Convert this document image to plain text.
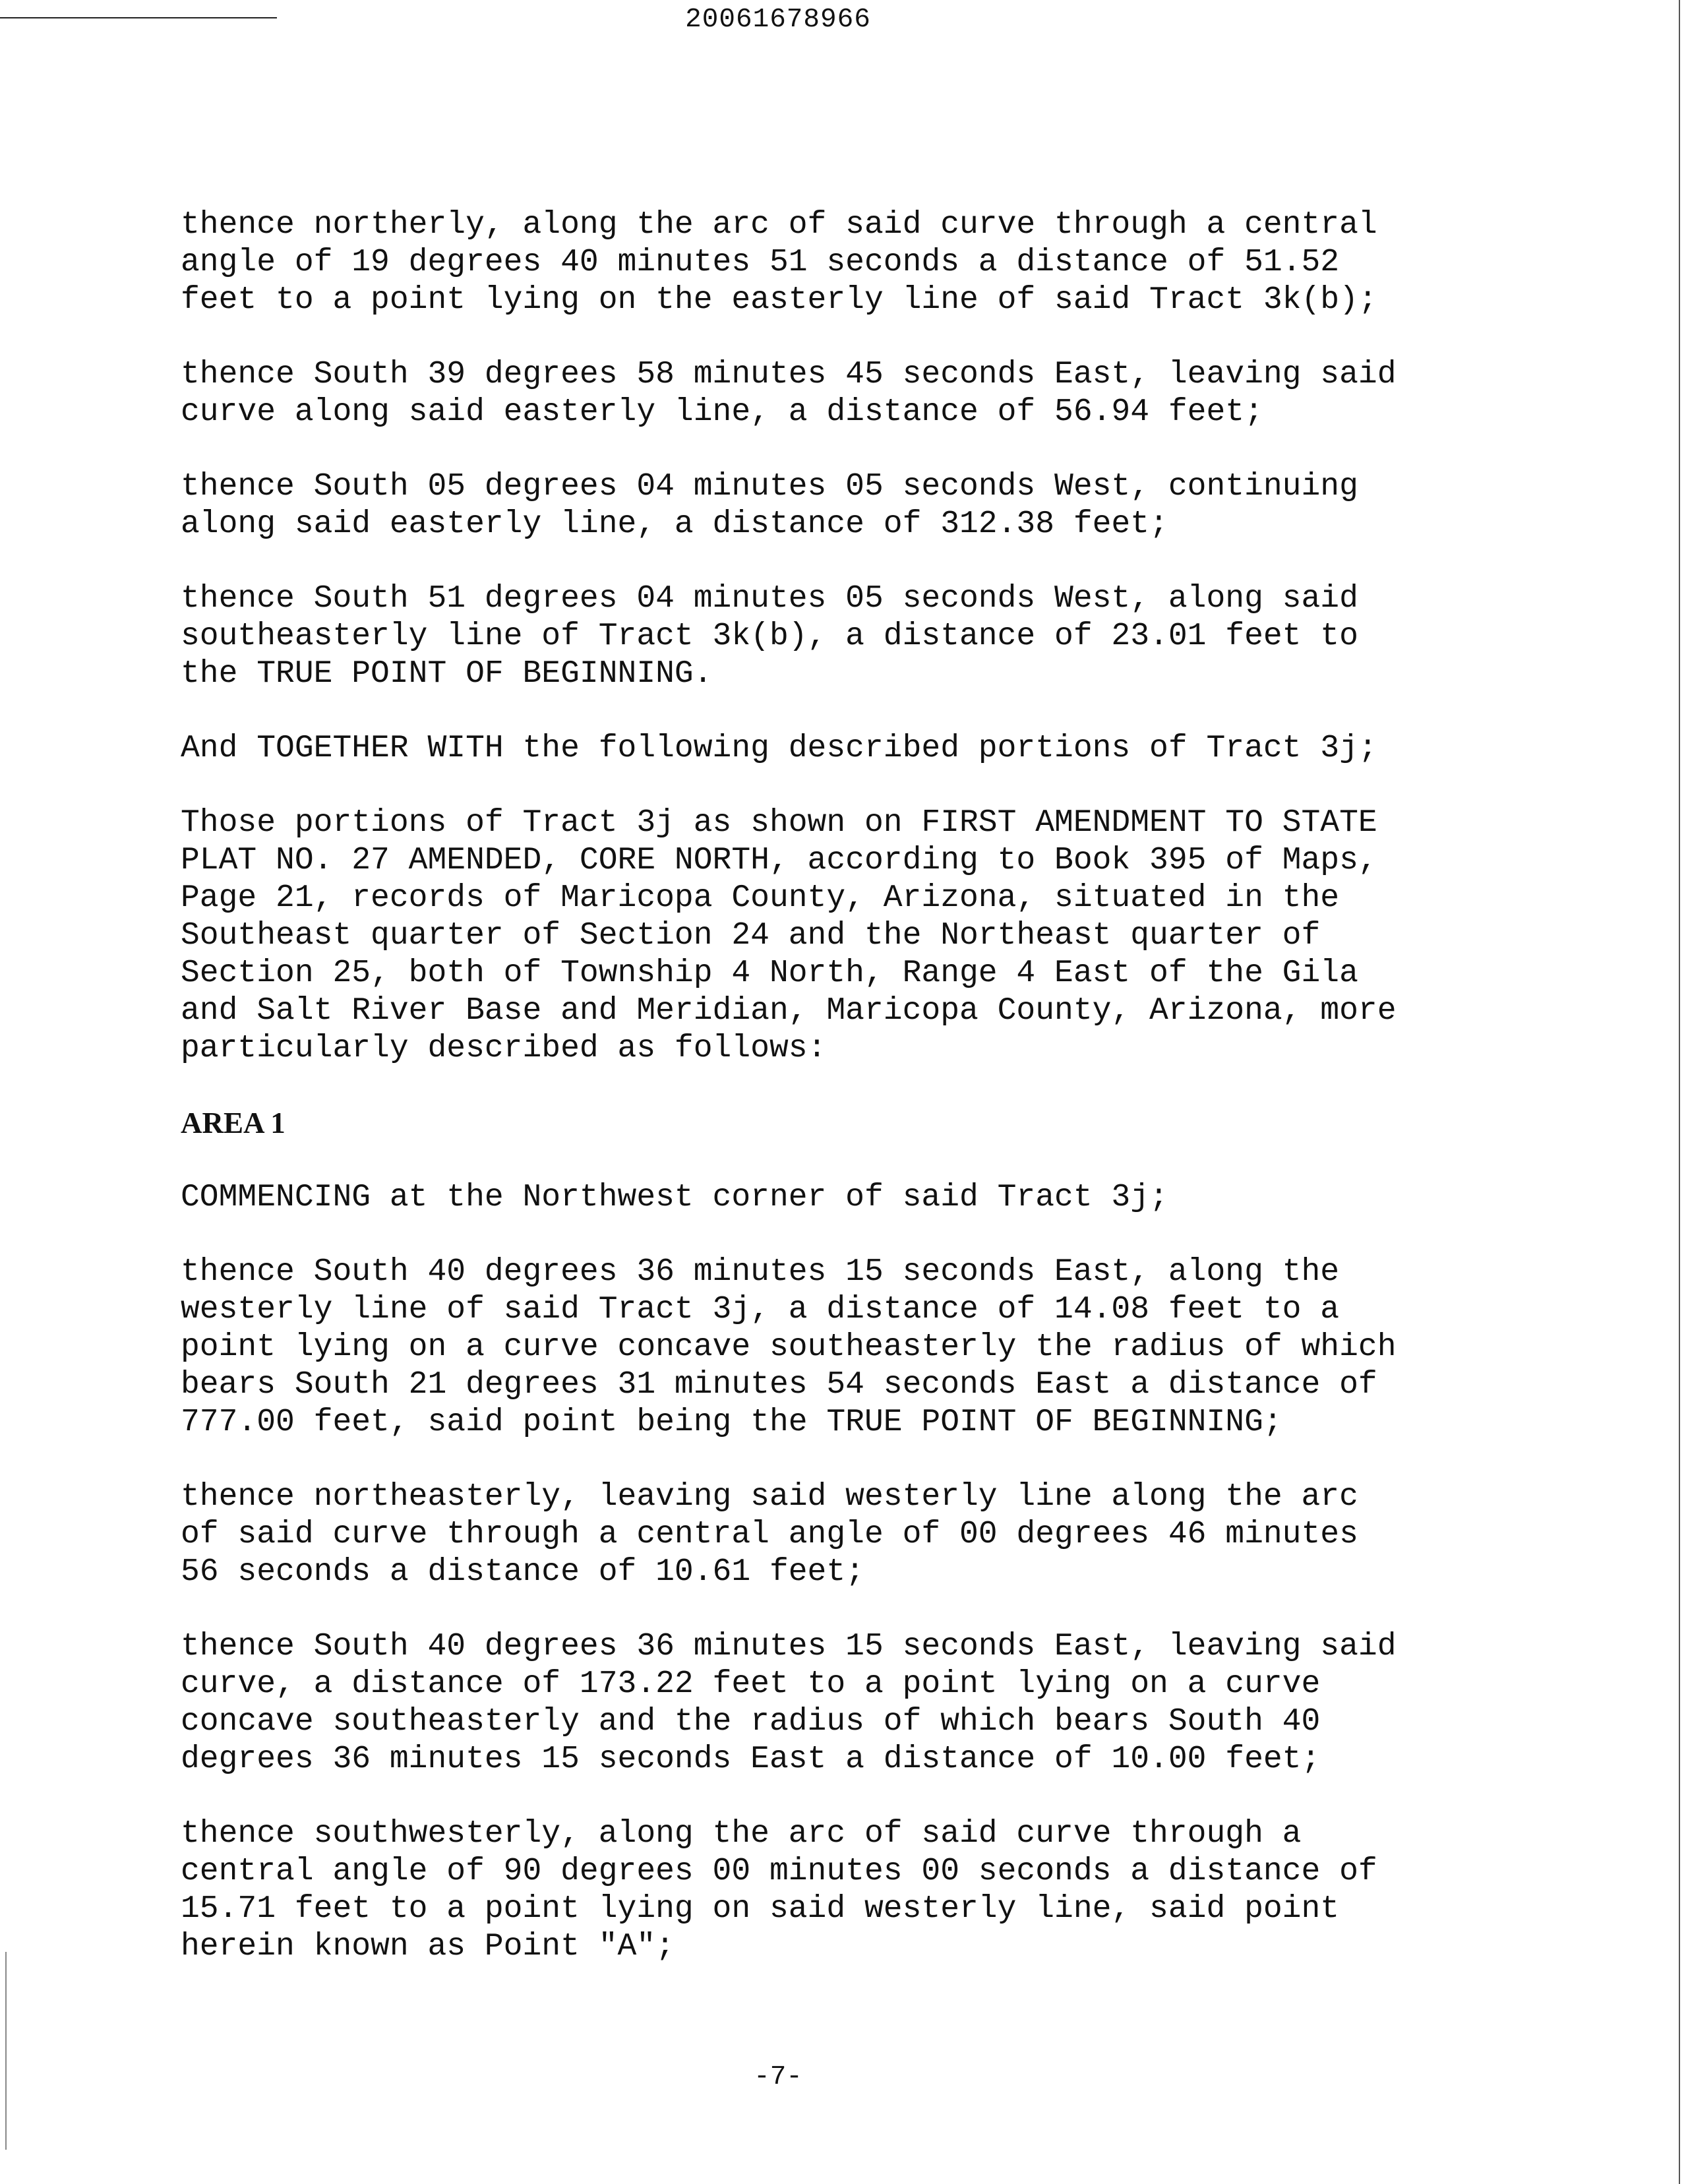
20061678966

thence northerly, along the arc of said curve through a central
angle of 19 degrees 40 minutes 51 seconds a distance of 51.52
feet to a point lying on the easterly line of said Tract 3k(b);

thence South 39 degrees 58 minutes 45 seconds East, leaving said
curve along said easterly line, a distance of 56.94 feet;

thence South 05 degrees 04 minutes 05 seconds West, continuing
along said easterly line, a distance of 312.38 feet;

thence South 51 degrees 04 minutes 05 seconds West, along said
southeasterly line of Tract 3k(b), a distance of 23.01 feet to
the TRUE POINT OF BEGINNING.

And TOGETHER WITH the following described portions of Tract 3j;

Those portions of Tract 3j as shown on FIRST AMENDMENT TO STATE
PLAT NO. 27 AMENDED, CORE NORTH, according to Book 395 of Maps,
Page 21, records of Maricopa County, Arizona, situated in the
Southeast quarter of Section 24 and the Northeast quarter of
Section 25, both of Township 4 North, Range 4 East of the Gila
and Salt River Base and Meridian, Maricopa County, Arizona, more
particularly described as follows:

AREA 1

COMMENCING at the Northwest corner of said Tract 3j;

thence South 40 degrees 36 minutes 15 seconds East, along the
westerly line of said Tract 3j, a distance of 14.08 feet to a
point lying on a curve concave southeasterly the radius of which
bears South 21 degrees 31 minutes 54 seconds East a distance of
777.00 feet, said point being the TRUE POINT OF BEGINNING;

thence northeasterly, leaving said westerly line along the arc
of said curve through a central angle of 00 degrees 46 minutes
56 seconds a distance of 10.61 feet;

thence South 40 degrees 36 minutes 15 seconds East, leaving said
curve, a distance of 173.22 feet to a point lying on a curve
concave southeasterly and the radius of which bears South 40
degrees 36 minutes 15 seconds East a distance of 10.00 feet;

thence southwesterly, along the arc of said curve through a
central angle of 90 degrees 00 minutes 00 seconds a distance of
15.71 feet to a point lying on said westerly line, said point
herein known as Point "A";

-7-
